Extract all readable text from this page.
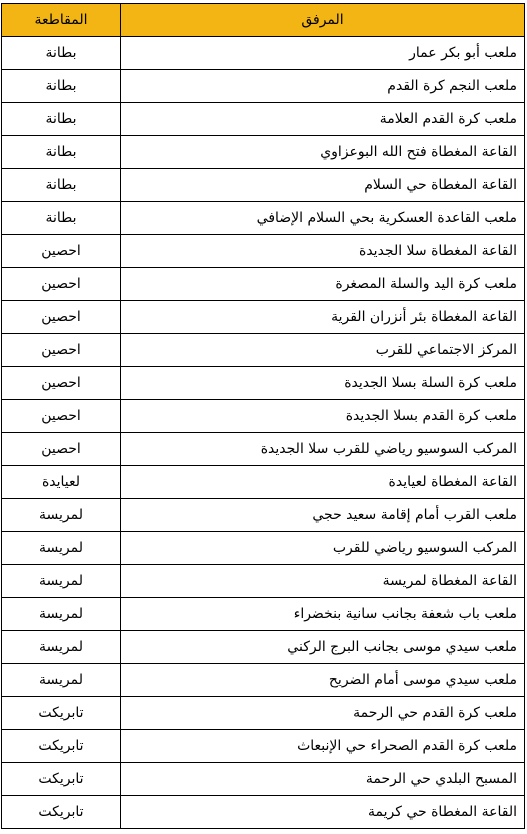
المرفق	المقاطعة
ملعب أبو بكر عمار	بطانة
ملعب النجم كرة القدم	بطانة
ملعب كرة القدم العلامة	بطانة
القاعة المغطاة فتح الله البوعزاوي	بطانة
القاعة المغطاة حي السلام	بطانة
ملعب القاعدة العسكرية بحي السلام الإضافي	بطانة
القاعة المغطاة سلا الجديدة	احصين
ملعب كرة اليد والسلة المصغرة	احصين
القاعة المغطاة بئر أنزران القرية	احصين
المركز الاجتماعي للقرب	احصين
ملعب كرة السلة بسلا الجديدة	احصين
ملعب كرة القدم بسلا الجديدة	احصين
المركب السوسيو رياضي للقرب سلا الجديدة	احصين
القاعة المغطاة لعيايدة	لعيايدة
ملعب القرب أمام إقامة سعيد حجي	لمريسة
المركب السوسيو رياضي للقرب	لمريسة
القاعة المغطاة لمريسة	لمريسة
ملعب باب شعفة بجانب سانية بنخضراء	لمريسة
ملعب سيدي موسى بجانب البرج الركني	لمريسة
ملعب سيدي موسى أمام الضريح	لمريسة
ملعب كرة القدم حي الرحمة	تابريكت
ملعب كرة القدم الصحراء حي الإنبعاث	تابريكت
المسبح البلدي حي الرحمة	تابريكت
القاعة المغطاة حي كريمة	تابريكت
